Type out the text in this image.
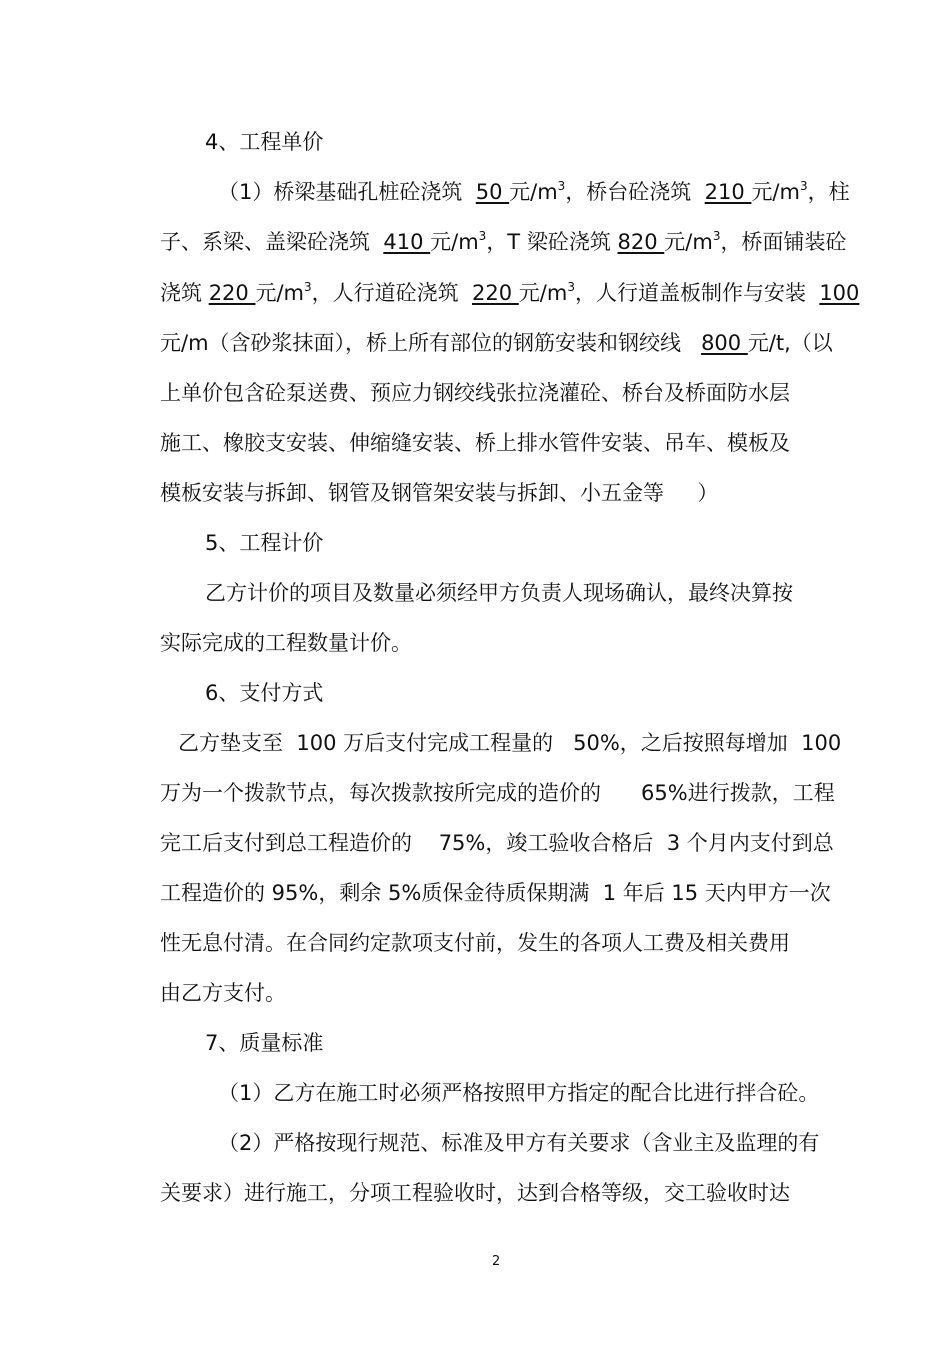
4、工程单价
（1）桥梁基础孔桩砼浇筑  50 元$/m^3$，桥台砼浇筑  210 元$/m^3$，柱
子、系梁、盖梁砼浇筑  410 元$/m^3$，T 梁砼浇筑 820 元$/m^3$，桥面铺装砼
浇筑 220 元$/m^3$，人行道砼浇筑  220 元$/m^3$，人行道盖板制作与安装  100
元/m（含砂浆抹面），桥上所有部位的钢筋安装和钢绞线   800 元/t,（以
上单价包含砼泵送费、预应力钢绞线张拉浇灌砼、桥台及桥面防水层
施工、橡胶支安装、伸缩缝安装、桥上排水管件安装、吊车、模板及
模板安装与拆卸、钢管及钢管架安装与拆卸、小五金等     ）
5、工程计价
乙方计价的项目及数量必须经甲方负责人现场确认，最终决算按
实际完成的工程数量计价。
6、支付方式
乙方垫支至  100 万后支付完成工程量的   50%，之后按照每增加  100
万为一个拨款节点，每次拨款按所完成的造价的      65%进行拨款，工程
完工后支付到总工程造价的    75%，竣工验收合格后  3 个月内支付到总
工程造价的 95%，剩余 5%质保金待质保期满  1 年后 15 天内甲方一次
性无息付清。在合同约定款项支付前，发生的各项人工费及相关费用
由乙方支付。
7、质量标准
（1）乙方在施工时必须严格按照甲方指定的配合比进行拌合砼。
（2）严格按现行规范、标准及甲方有关要求（含业主及监理的有
关要求）进行施工，分项工程验收时，达到合格等级，交工验收时达
2
